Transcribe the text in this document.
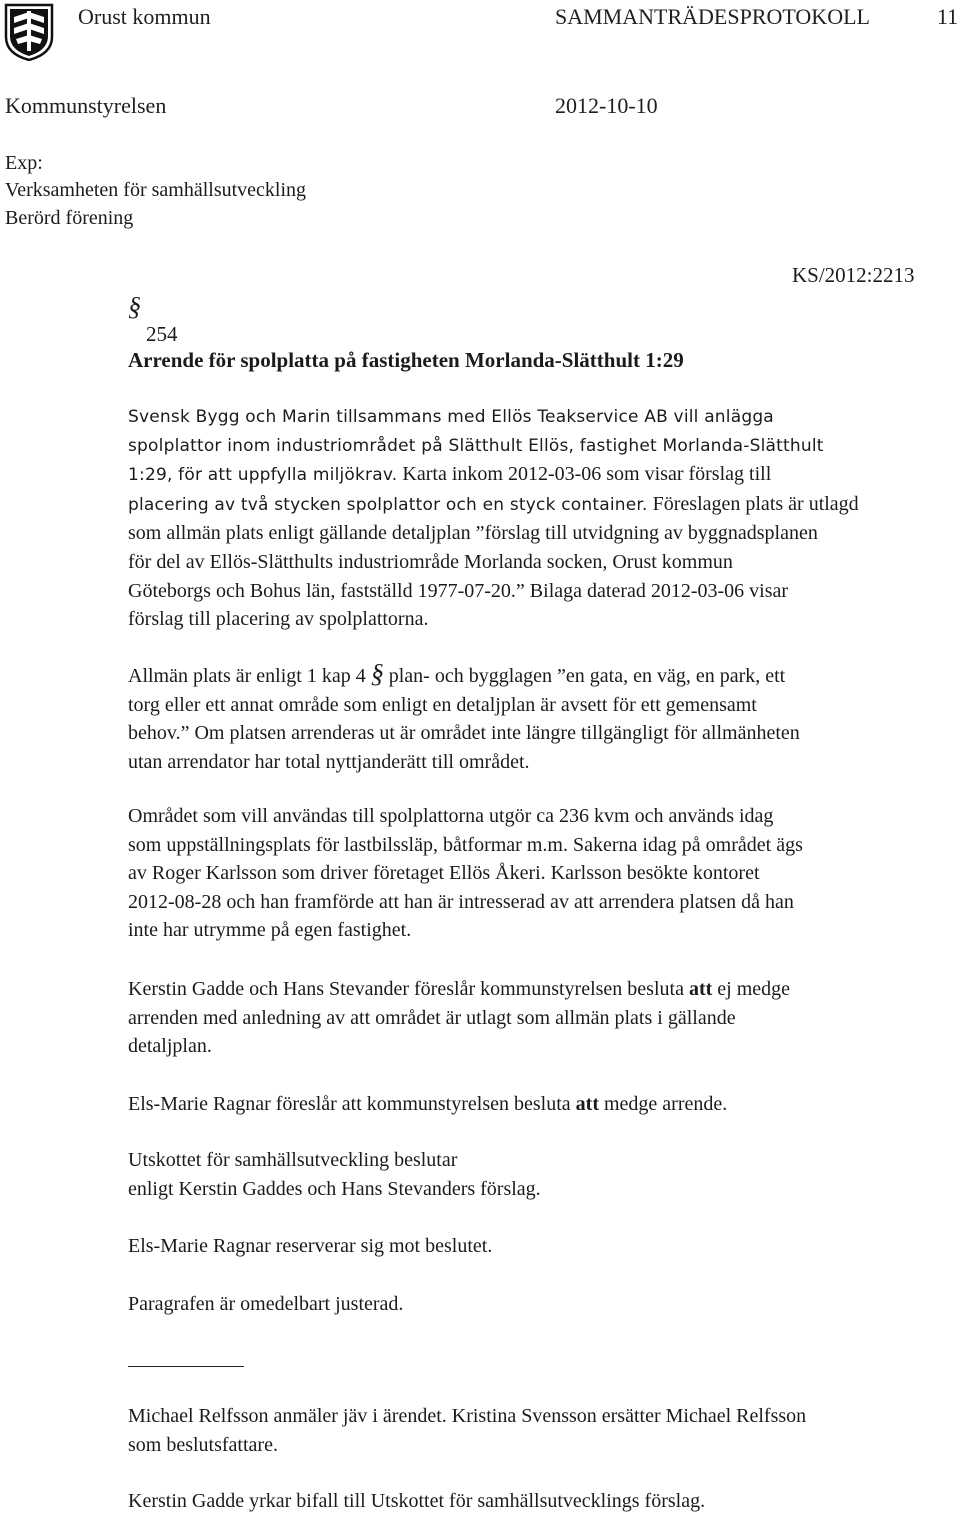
Orust kommun	SAMMANTRÄDESPROTOKOLL	11
Kommunstyrelsen	2012-10-10
Exp:
Verksamheten för samhällsutveckling
Berörd förening
KS/2012:2213
§
254
Arrende för spolplatta på fastigheten Morlanda-Slätthult 1:29

Svensk Bygg och Marin tillsammans med Ellös Teakservice AB vill anlägga

spolplattor inom industriområdet på Slätthult Ellös, fastighet Morlanda-Slätthult

1:29, för att uppfylla miljökrav. Karta inkom 2012-03-06 som visar förslag till

placering av två stycken spolplattor och en styck container. Föreslagen plats är utlagd

som allmän plats enligt gällande detaljplan ”förslag till utvidgning av byggnadsplanen

för del av Ellös-Slätthults industriområde Morlanda socken, Orust kommun

Göteborgs och Bohus län, fastställd 1977-07-20.” Bilaga daterad 2012-03-06 visar

förslag till placering av spolplattorna.

Allmän plats är enligt 1 kap 4 § plan- och bygglagen ”en gata, en väg, en park, ett

torg eller ett annat område som enligt en detaljplan är avsett för ett gemensamt

behov.” Om platsen arrenderas ut är området inte längre tillgängligt för allmänheten

utan arrendator har total nyttjanderätt till området.

Området som vill användas till spolplattorna utgör ca 236 kvm och används idag

som uppställningsplats för lastbilssläp, båtformar m.m. Sakerna idag på området ägs

av Roger Karlsson som driver företaget Ellös Åkeri. Karlsson besökte kontoret

2012-08-28 och han framförde att han är intresserad av att arrendera platsen då han

inte har utrymme på egen fastighet.

Kerstin Gadde och Hans Stevander föreslår kommunstyrelsen besluta att ej medge

arrenden med anledning av att området är utlagt som allmän plats i gällande

detaljplan.

Els-Marie Ragnar föreslår att kommunstyrelsen besluta att medge arrende.

Utskottet för samhällsutveckling beslutar

enligt Kerstin Gaddes och Hans Stevanders förslag.

Els-Marie Ragnar reserverar sig mot beslutet.

Paragrafen är omedelbart justerad.

Michael Relfsson anmäler jäv i ärendet. Kristina Svensson ersätter Michael Relfsson

som beslutsfattare.

Kerstin Gadde yrkar bifall till Utskottet för samhällsutvecklings förslag.
